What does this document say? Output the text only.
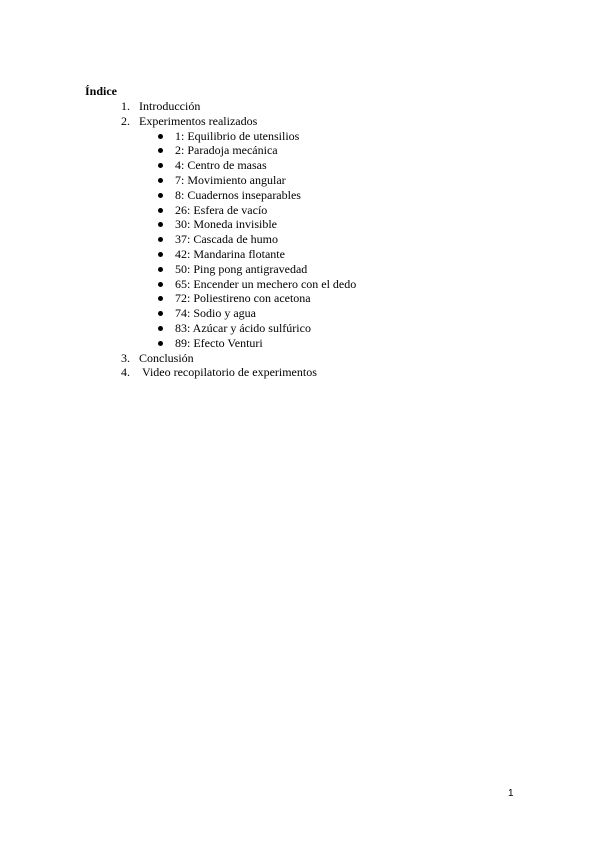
Índice
1. Introducción
2. Experimentos realizados
1: Equilibrio de utensilios
2: Paradoja mecánica
4: Centro de masas
7: Movimiento angular
8: Cuadernos inseparables
26: Esfera de vacío
30: Moneda invisible
37: Cascada de humo
42: Mandarina flotante
50: Ping pong antigravedad
65: Encender un mechero con el dedo
72: Poliestireno con acetona
74: Sodio y agua
83: Azúcar y ácido sulfúrico
89: Efecto Venturi
3. Conclusión
4. Video recopilatorio de experimentos
1
